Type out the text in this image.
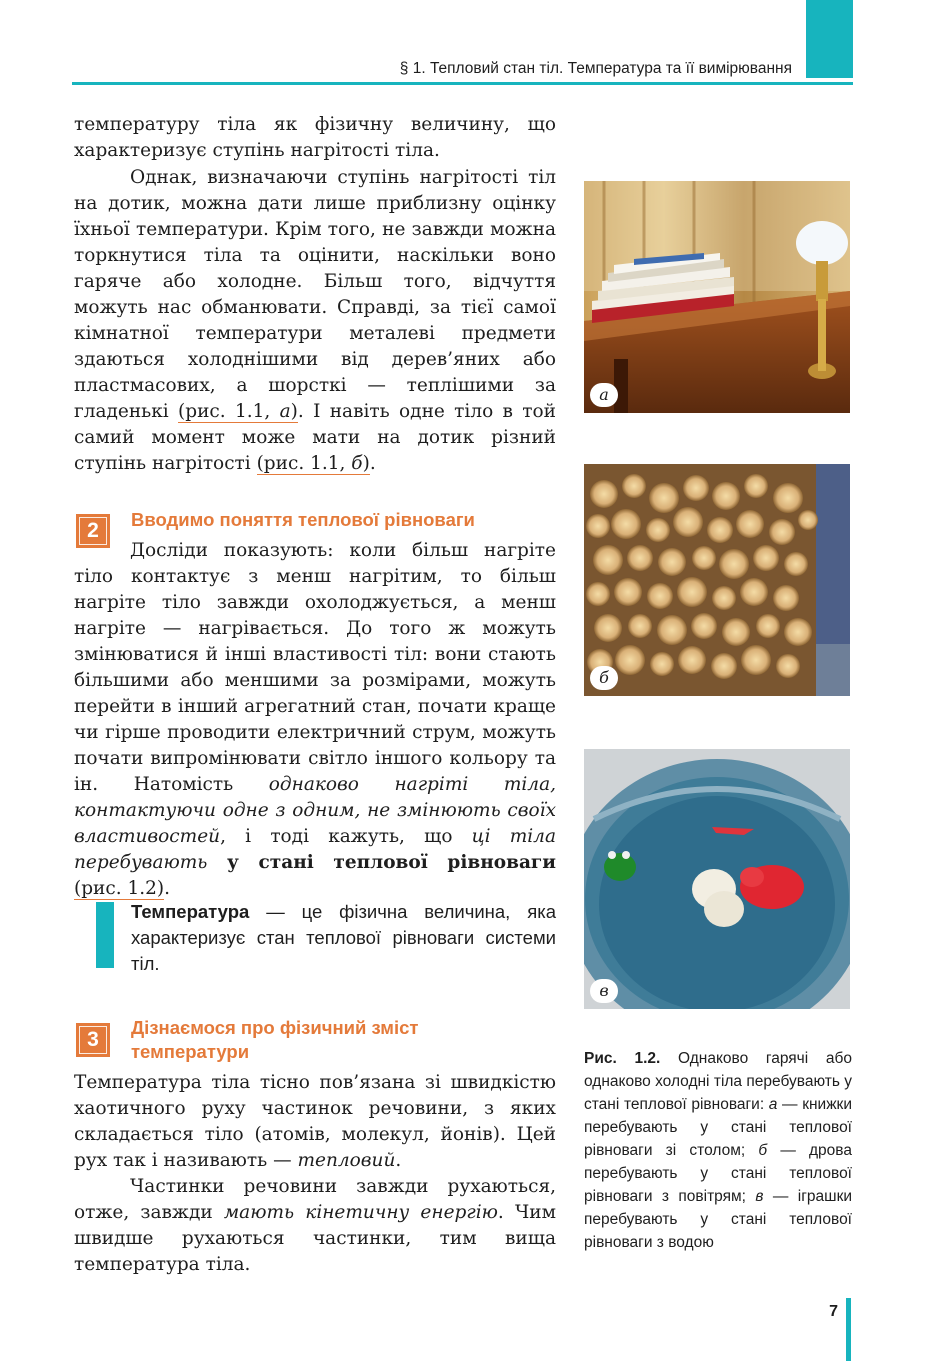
§ 1. Тепловий стан тіл. Температура та її вимірювання

температуру тіла як фізичну величину, що характеризує ступінь нагрітості тіла.

Однак, визначаючи ступінь нагрітості тіл на дотик, можна дати лише приблизну оцінку їхньої температури. Крім того, не завжди можна торкнутися тіла та оцінити, наскільки воно гаряче або холодне. Більш того, відчуття можуть нас обманювати. Справді, за тієї самої кімнатної температури металеві предмети здаються холоднішими від дерев’яних або пластмасових, а шорсткі — теплішими за гладенькі (рис. 1.1, а). І навіть одне тіло в той самий момент може мати на дотик різний ступінь нагрітості (рис. 1.1, б).

2	Вводимо поняття теплової рівноваги

Досліди показують: коли більш нагріте тіло контактує з менш нагрітим, то більш нагріте тіло завжди охолоджується, а менш нагріте — нагрівається. До того ж можуть змінюватися й інші властивості тіл: вони стають більшими або меншими за розмірами, можуть перейти в інший агрегатний стан, почати краще чи гірше проводити електричний струм, можуть почати випромінювати світло іншого кольору та ін. Натомість однаково нагріті тіла, контактуючи одне з одним, не змінюють своїх властивостей, і тоді кажуть, що ці тіла перебувають у стані теплової рівноваги (рис. 1.2).

Температура — це фізична величина, яка характеризує стан теплової рівноваги системи тіл.
3
Дізнаємося про фізичний зміст температури

Температура тіла тісно пов’язана зі швидкістю хаотичного руху частинок речовини, з яких складається тіло (атомів, молекул, йонів). Цей рух так і називають — тепловий.

Частинки речовини завжди рухаються, отже, завжди мають кінетичну енергію. Чим швидше рухаються частинки, тим вища температура тіла.

а
б
в
Рис. 1.2. Однаково гарячі або однаково холодні тіла перебувають у стані теплової рівноваги: а — книжки перебувають у стані теплової рівноваги зі столом; б — дрова перебувають у стані теплової рівноваги з повітрям; в — іграшки перебувають у стані теплової рівноваги з водою
7
